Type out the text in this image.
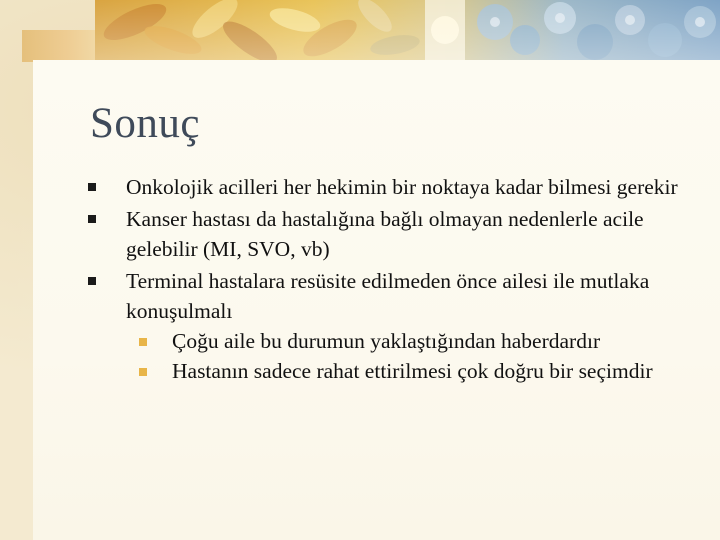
Sonuç
Onkolojik acilleri her hekimin bir noktaya kadar bilmesi gerekir
Kanser hastası da hastalığına bağlı olmayan nedenlerle acile gelebilir (MI, SVO, vb)
Terminal hastalara resüsite edilmeden önce ailesi ile mutlaka konuşulmalı
Çoğu aile bu durumun yaklaştığından haberdardır
Hastanın sadece rahat ettirilmesi çok doğru bir seçimdir
